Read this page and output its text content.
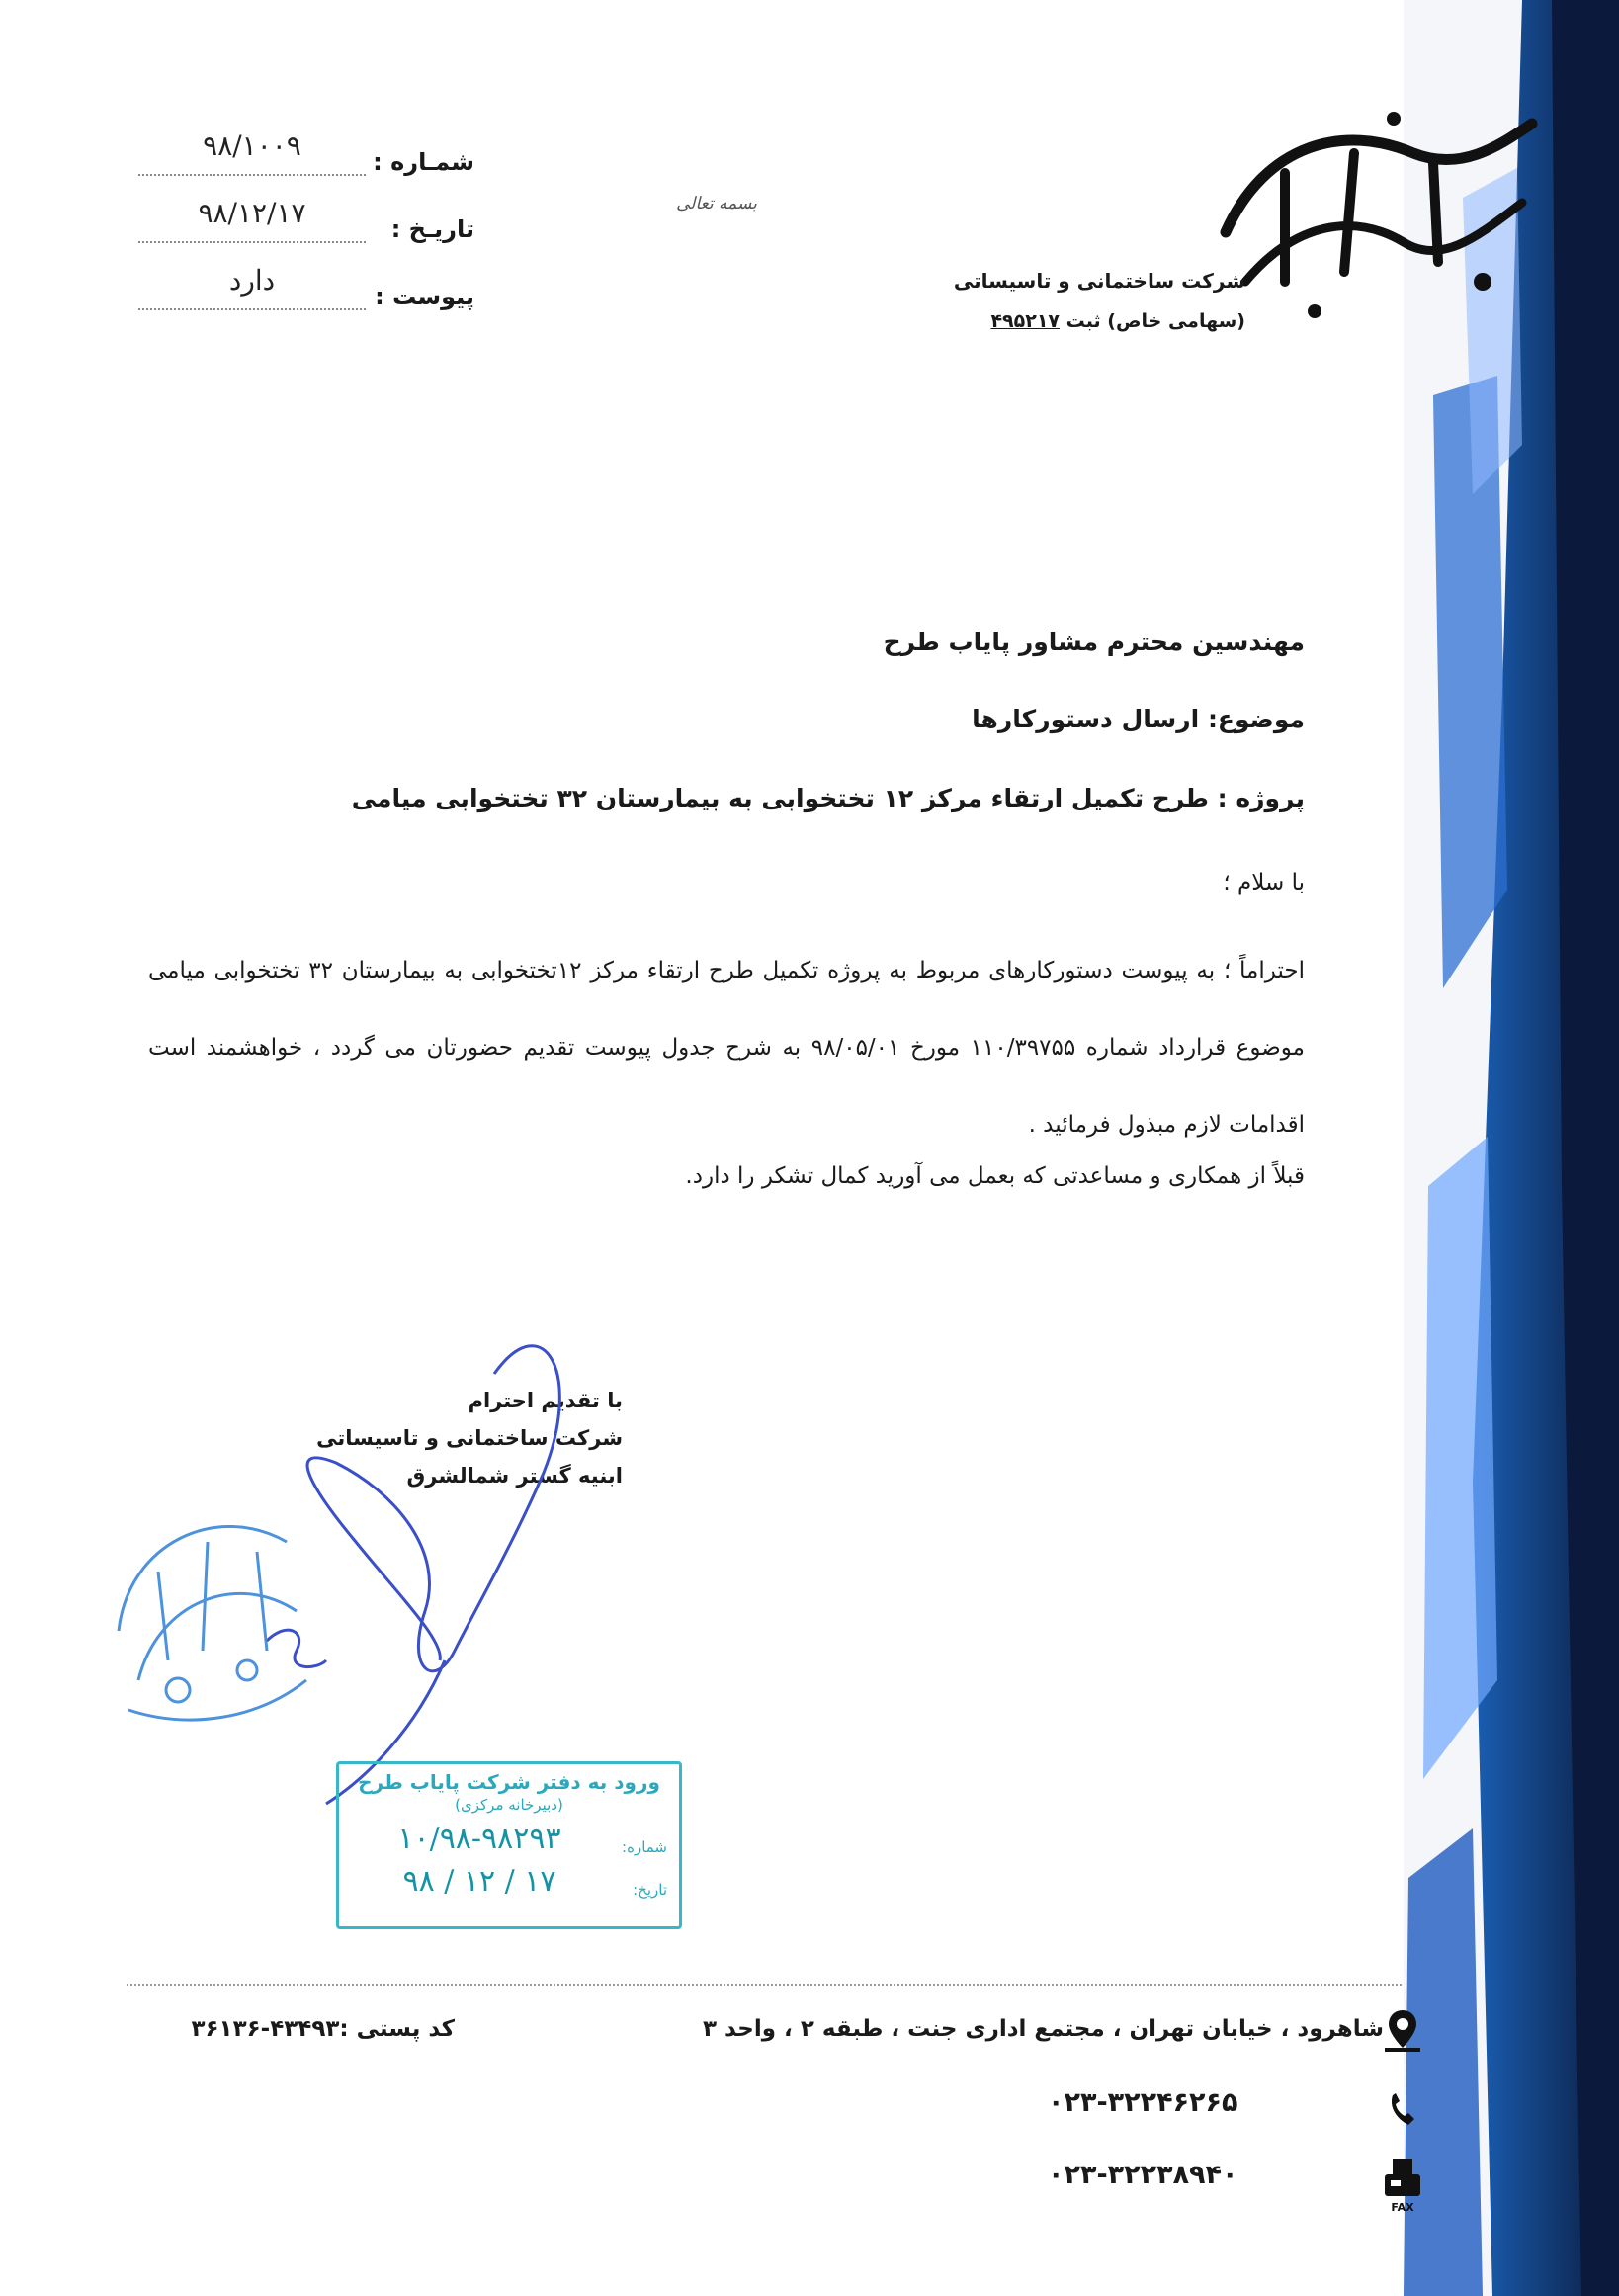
شمـاره :
۹۸/۱۰۰۹
تاریـخ :
۹۸/۱۲/۱۷
پیوست :
دارد
بسمه تعالی
شرکت ساختمانی و تاسیساتی
(سهامی خاص) ثبت ۴۹۵۲۱۷

مهندسین محترم مشاور پایاب طرح

موضوع: ارسال دستورکارها

پروژه : طرح تکمیل ارتقاء مرکز ۱۲ تختخوابی به بیمارستان ۳۲ تختخوابی میامی

با سلام ؛
احتراماً ؛ به پیوست دستورکارهای مربوط به پروژه تکمیل طرح ارتقاء مرکز ۱۲تختخوابی به بیمارستان ۳۲ تختخوابی میامی موضوع قرارداد شماره ۱۱۰/۳۹۷۵۵ مورخ ۹۸/۰۵/۰۱ به شرح جدول پیوست تقدیم حضورتان می گردد ، خواهشمند است اقدامات لازم مبذول فرمائید .
قبلاً از همکاری و مساعدتی که بعمل می آورید کمال تشکر را دارد.
با تقدیم احترام
شرکت ساختمانی و تاسیساتی
ابنیه گستر شمالشرق
ورود به دفتر شرکت پایاب طرح
(دبیرخانه مرکزی)
شماره:
۱۰/۹۸-۹۸۲۹۳
تاریخ:
۹۸ / ۱۲ / ۱۷
شاهرود ، خیابان تهران ، مجتمع اداری جنت ، طبقه ۲ ، واحد ۳
کد پستی :۴۳۴۹۳-۳۶۱۳۶
۰۲۳-۳۲۲۴۶۲۶۵
۰۲۳-۳۲۲۳۸۹۴۰
FAX
